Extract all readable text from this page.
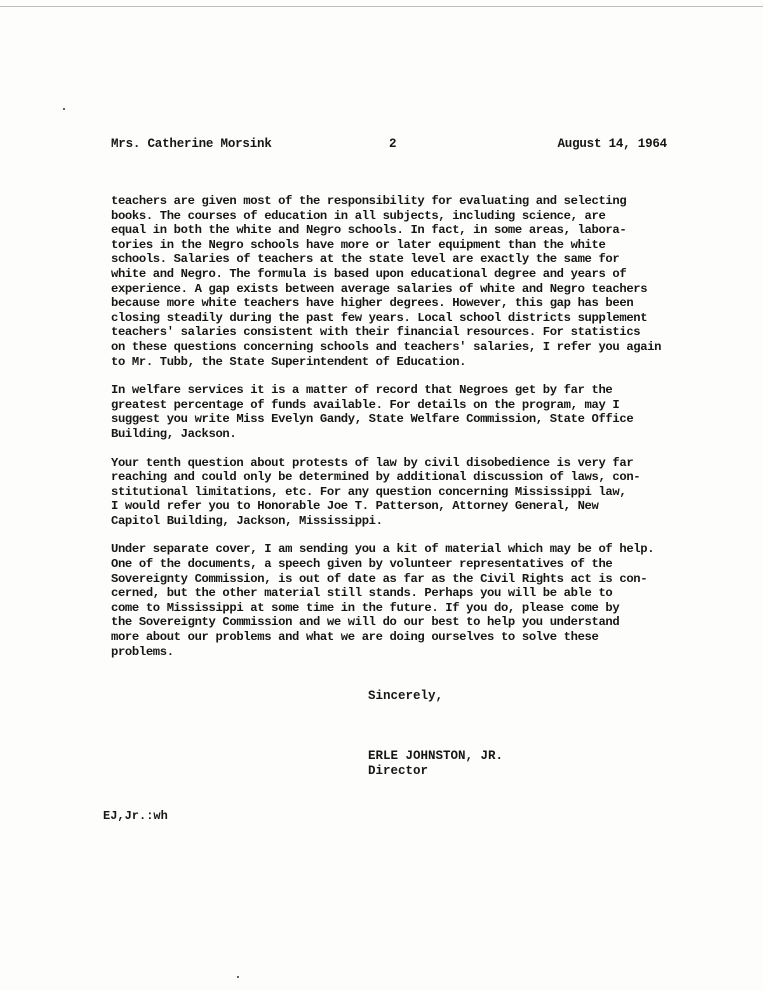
Mrs. Catherine Morsink	2	August 14, 1964

teachers are given most of the responsibility for evaluating and selecting
books. The courses of education in all subjects, including science, are
equal in both the white and Negro schools. In fact, in some areas, labora-
tories in the Negro schools have more or later equipment than the white
schools. Salaries of teachers at the state level are exactly the same for
white and Negro. The formula is based upon educational degree and years of
experience. A gap exists between average salaries of white and Negro teachers
because more white teachers have higher degrees. However, this gap has been
closing steadily during the past few years. Local school districts supplement
teachers' salaries consistent with their financial resources. For statistics
on these questions concerning schools and teachers' salaries, I refer you again
to Mr. Tubb, the State Superintendent of Education.

In welfare services it is a matter of record that Negroes get by far the
greatest percentage of funds available. For details on the program, may I
suggest you write Miss Evelyn Gandy, State Welfare Commission, State Office
Building, Jackson.

Your tenth question about protests of law by civil disobedience is very far
reaching and could only be determined by additional discussion of laws, con-
stitutional limitations, etc. For any question concerning Mississippi law,
I would refer you to Honorable Joe T. Patterson, Attorney General, New
Capitol Building, Jackson, Mississippi.

Under separate cover, I am sending you a kit of material which may be of help.
One of the documents, a speech given by volunteer representatives of the
Sovereignty Commission, is out of date as far as the Civil Rights act is con-
cerned, but the other material still stands. Perhaps you will be able to
come to Mississippi at some time in the future. If you do, please come by
the Sovereignty Commission and we will do our best to help you understand
more about our problems and what we are doing ourselves to solve these
problems.

Sincerely,
ERLE JOHNSTON, JR.
Director
EJ,Jr.:wh
